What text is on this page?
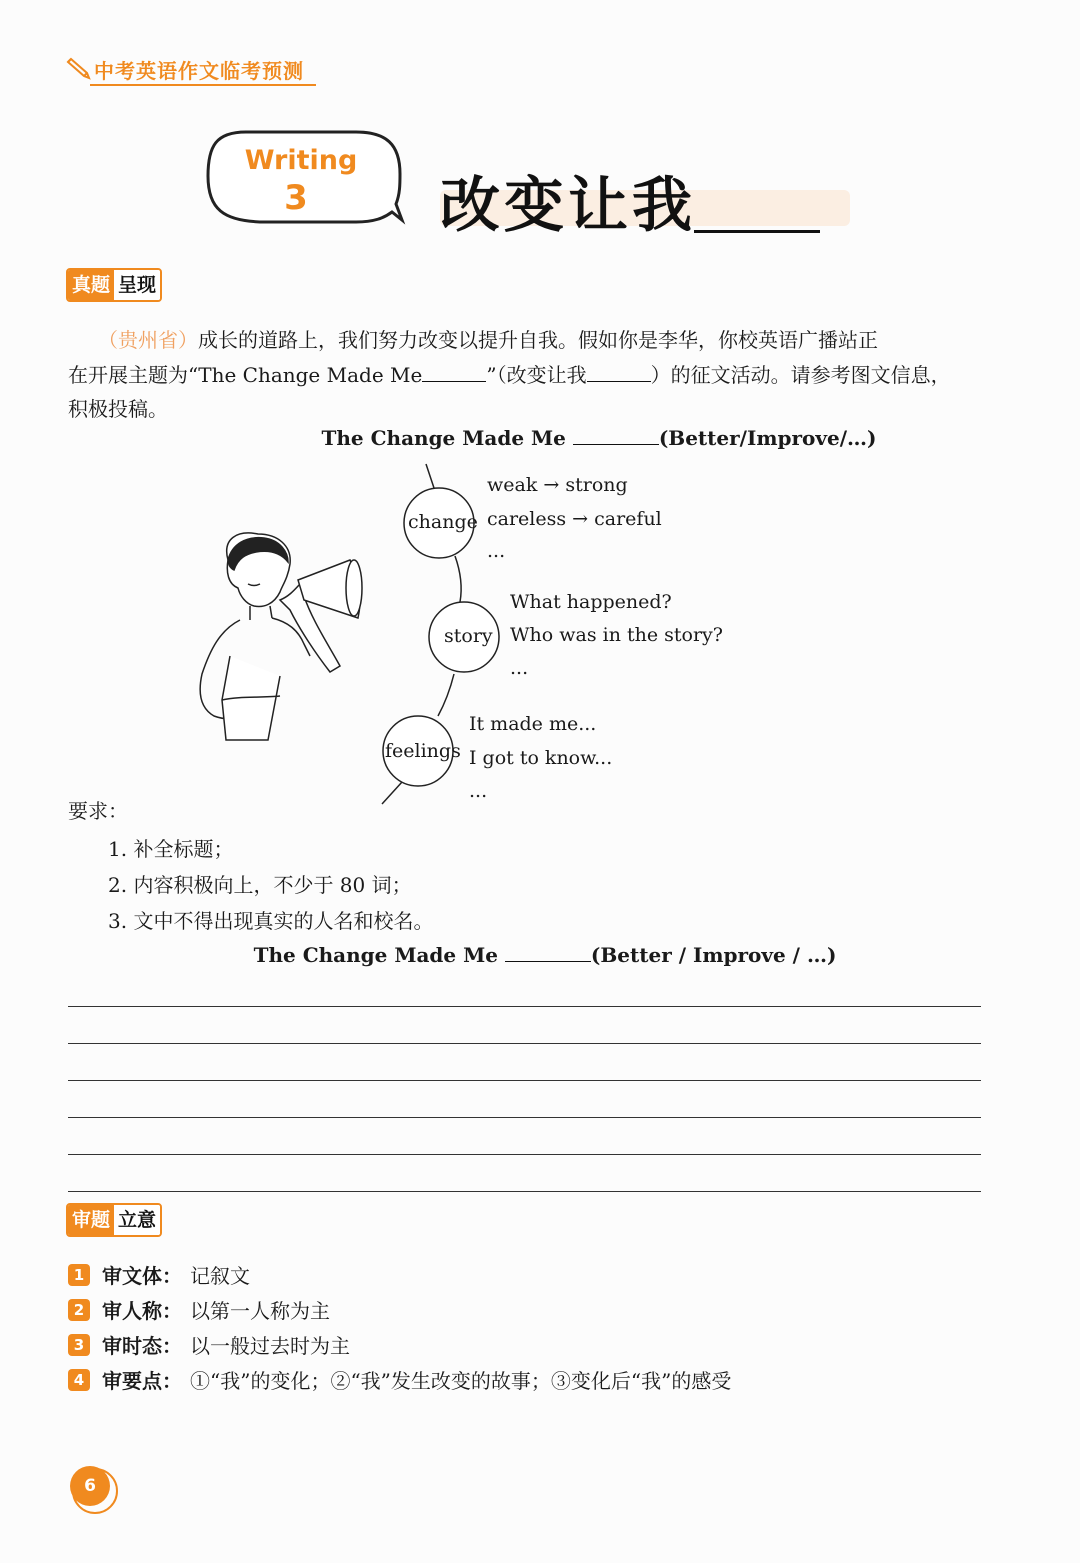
中考英语作文临考预测
Writing
3	改变让我
真题 呈现
（贵州省）成长的道路上，我们努力改变以提升自我。假如你是李华，你校英语广播站正
在开展主题为“The Change Made Me	”（改变让我	）的征文活动。请参考图文信息，
积极投稿。
The Change Made Me	(Better/Improve/…)
change
story
feelings
weak → strong
careless → careful
...
What happened?
Who was in the story?
...
It made me...
I got to know...
...
要求：
1. 补全标题；
2. 内容积极向上，不少于 80 词；
3. 文中不得出现真实的人名和校名。
The Change Made Me	(Better / Improve / …)
审题 立意
1 审文体： 记叙文
2 审人称： 以第一人称为主
3 审时态： 以一般过去时为主
4 审要点： ①“我”的变化；②“我”发生改变的故事；③变化后“我”的感受
6
